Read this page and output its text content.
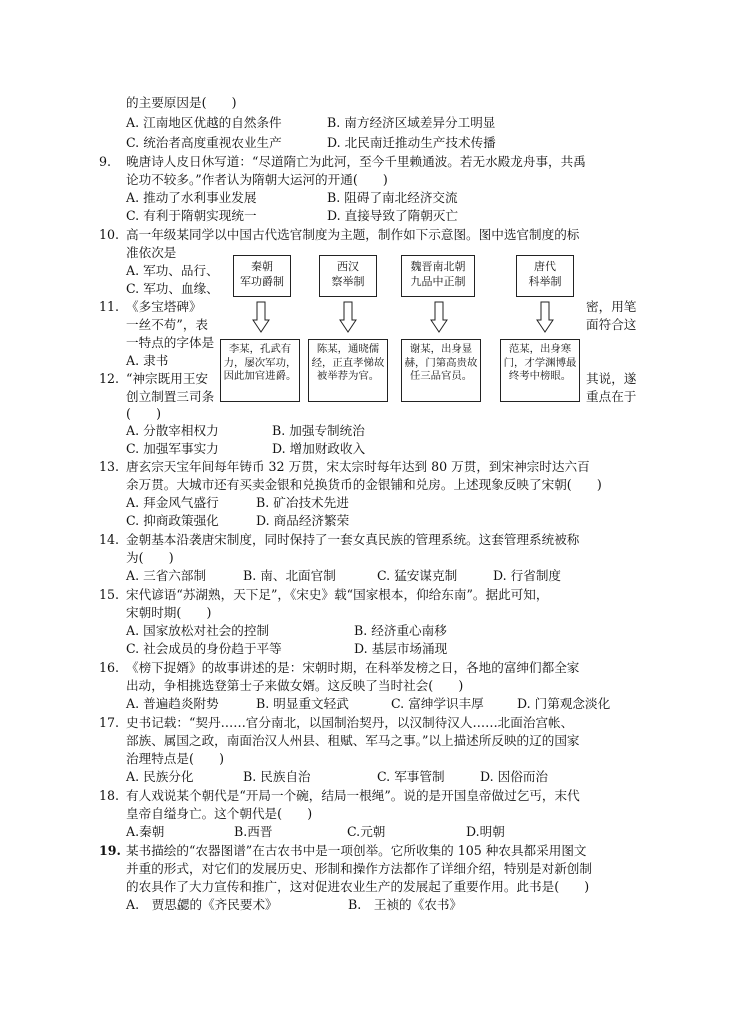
的主要原因是(　　)
A. 江南地区优越的自然条件	B. 南方经济区域差异分工明显
C. 统治者高度重视农业生产	D. 北民南迁推动生产技术传播
9. 晚唐诗人皮日休写道：“尽道隋亡为此河，至今千里赖通波。若无水殿龙舟事，共禹
论功不较多。”作者认为隋朝大运河的开通(　　)
A. 推动了水利事业发展	B. 阻碍了南北经济交流
C. 有利于隋朝实现统一	D. 直接导致了隋朝灭亡
10. 高一年级某同学以中国古代选官制度为主题，制作如下示意图。图中选官制度的标
准依次是
A. 军功、品行、
C. 军功、血缘、
11. 《多宝塔碑》	密，用笔
一丝不苟”，表	面符合这
一特点的字体是
A. 隶书
12. “神宗既用王安	其说，遂
创立制置三司条	重点在于
(　　)
A. 分散宰相权力	B. 加强专制统治
C. 加强军事实力	D. 增加财政收入
秦朝
军功爵制
西汉
察举制
魏晋南北朝
九品中正制
唐代
科举制
李某，孔武有力，屡次军功，因此加官进爵。
陈某，通晓儒经，正直孝悌故被举荐为官。
谢某，出身显赫，门第高贵故任三品官员。
范某，出身寒门，才学渊博最终考中榜眼。
13. 唐玄宗天宝年间每年铸币 32 万贯，宋太宗时每年达到 80 万贯，到宋神宗时达六百
余万贯。大城市还有买卖金银和兑换货币的金银铺和兑房。上述现象反映了宋朝(　　)
A. 拜金风气盛行	B. 矿冶技术先进
C. 抑商政策强化	D. 商品经济繁荣
14. 金朝基本沿袭唐宋制度，同时保持了一套女真民族的管理系统。这套管理系统被称
为(　　)
A. 三省六部制	B. 南、北面官制	C. 猛安谋克制	D. 行省制度
15. 宋代谚语“苏湖熟，天下足”，《宋史》载“国家根本，仰给东南”。据此可知，
宋朝时期(　　)
A. 国家放松对社会的控制	B. 经济重心南移
C. 社会成员的身份趋于平等	D. 基层市场涌现
16. 《榜下捉婿》的故事讲述的是：宋朝时期，在科举发榜之日，各地的富绅们都全家
出动，争相挑选登第士子来做女婿。这反映了当时社会(　　)
A. 普遍趋炎附势	B. 明显重文轻武	C. 富绅学识丰厚	D. 门第观念淡化
17. 史书记载：“契丹……官分南北，以国制治契丹，以汉制待汉人……北面治宫帐、
部族、属国之政，南面治汉人州县、租赋、军马之事。”以上描述所反映的辽的国家
治理特点是(　　)
A. 民族分化	B. 民族自治	C. 军事管制	D. 因俗而治
18. 有人戏说某个朝代是“开局一个碗，结局一根绳”。说的是开国皇帝做过乞丐，末代
皇帝自缢身亡。这个朝代是(　　)
A.秦朝	B.西晋	C.元朝	D.明朝
19. 某书描绘的“农器图谱”在古农书中是一项创举。它所收集的 105 种农具都采用图文
并重的形式，对它们的发展历史、形制和操作方法都作了详细介绍，特别是对新创制
的农具作了大力宣传和推广，这对促进农业生产的发展起了重要作用。此书是(　　)
A.　贾思勰的《齐民要术》	B.　王祯的《农书》
